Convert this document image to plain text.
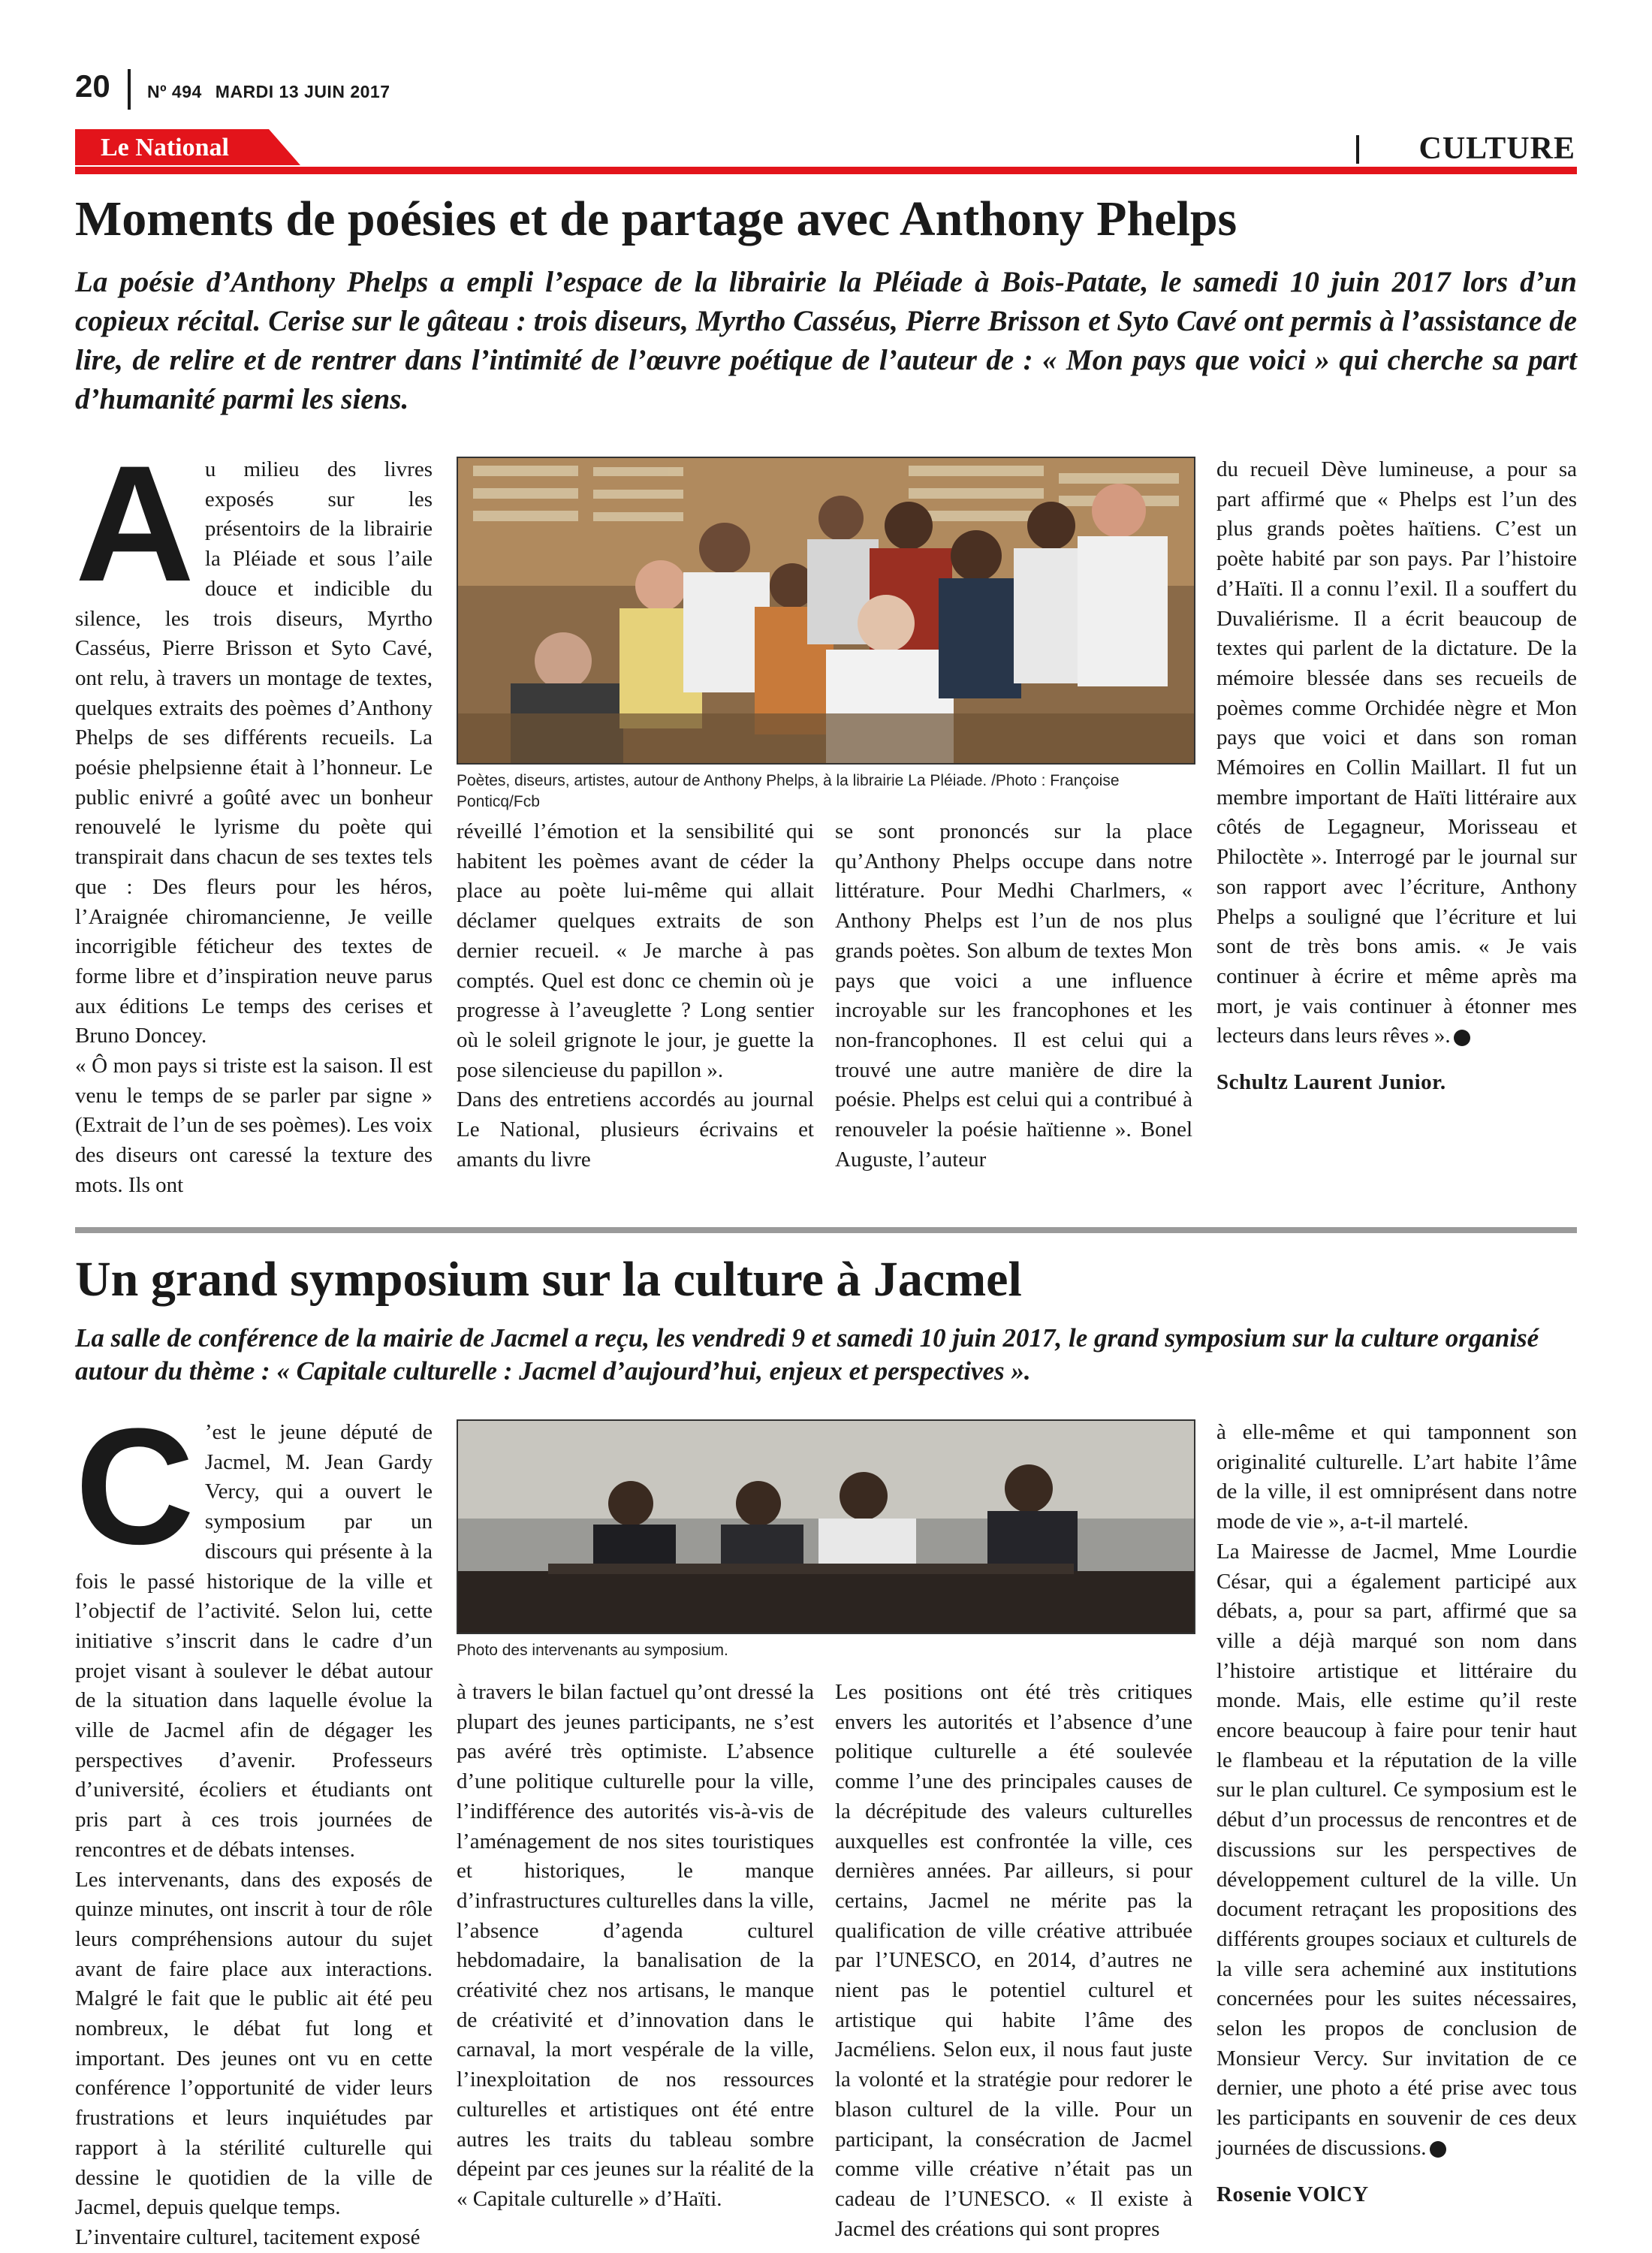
20 Nº 494 MARDI 13 JUIN 2017
Le National	CULTURE
Moments de poésies et de partage avec Anthony Phelps
La poésie d’Anthony Phelps a empli l’espace de la librairie la Pléiade à Bois-Patate, le samedi 10 juin 2017 lors d’un copieux récital. Cerise sur le gâteau : trois diseurs, Myrtho Casséus, Pierre Brisson et Syto Cavé ont permis à l’assistance de lire, de relire et de rentrer dans l’intimité de l’œuvre poétique de l’auteur de : « Mon pays que voici » qui cherche sa part d’humanité parmi les siens.

Au milieu des livres exposés sur les présentoirs de la librairie la Pléiade et sous l’aile douce et indicible du silence, les trois diseurs, Myrtho Casséus, Pierre Brisson et Syto Cavé, ont relu, à travers un montage de textes, quelques extraits des poèmes d’Anthony Phelps de ses différents recueils. La poésie phelpsienne était à l’honneur. Le public enivré a goûté avec un bonheur renouvelé le lyrisme du poète qui transpirait dans chacun de ses textes tels que : Des fleurs pour les héros, l’Araignée chiromancienne, Je veille incorrigible féticheur des textes de forme libre et d’inspiration neuve parus aux éditions Le temps des cerises et Bruno Doncey.

« Ô mon pays si triste est la saison. Il est venu le temps de se parler par signe » (Extrait de l’un de ses poèmes). Les voix des diseurs ont caressé la texture des mots. Ils ont

Poètes, diseurs, artistes, autour de Anthony Phelps, à la librairie La Pléiade. /Photo : Françoise Ponticq/Fcb

réveillé l’émotion et la sensibilité qui habitent les poèmes avant de céder la place au poète lui-même qui allait déclamer quelques extraits de son dernier recueil. « Je marche à pas comptés. Quel est donc ce chemin où je progresse à l’aveuglette ? Long sentier où le soleil grignote le jour, je guette la pose silencieuse du papillon ».

Dans des entretiens accordés au journal Le National, plusieurs écrivains et amants du livre

se sont prononcés sur la place qu’Anthony Phelps occupe dans notre littérature. Pour Medhi Charlmers, « Anthony Phelps est l’un de nos plus grands poètes. Son album de textes Mon pays que voici a une influence incroyable sur les francophones et les non-francophones. Il est celui qui a trouvé une autre manière de dire la poésie. Phelps est celui qui a contribué à renouveler la poésie haïtienne ». Bonel Auguste, l’auteur

du recueil Dève lumineuse, a pour sa part affirmé que « Phelps est l’un des plus grands poètes haïtiens. C’est un poète habité par son pays. Par l’histoire d’Haïti. Il a connu l’exil. Il a souffert du Duvaliérisme. Il a écrit beaucoup de textes qui parlent de la dictature. De la mémoire blessée dans ses recueils de poèmes comme Orchidée nègre et Mon pays que voici et dans son roman Mémoires en Collin Maillart. Il fut un membre important de Haïti littéraire aux côtés de Legagneur, Morisseau et Philoctète ». Interrogé par le journal sur son rapport avec l’écriture, Anthony Phelps a souligné que l’écriture et lui sont de très bons amis. « Je vais continuer à écrire et même après ma mort, je vais continuer à étonner mes lecteurs dans leurs rêves ».

Schultz Laurent Junior.

Un grand symposium sur la culture à Jacmel
La salle de conférence de la mairie de Jacmel a reçu, les vendredi 9 et samedi 10 juin 2017, le grand symposium sur la culture organisé autour du thème : « Capitale culturelle : Jacmel d’aujourd’hui, enjeux et perspectives ».

C ’est le jeune député de Jacmel, M. Jean Gardy Vercy, qui a ouvert le symposium par un discours qui présente à la fois le passé historique de la ville et l’objectif de l’activité. Selon lui, cette initiative s’inscrit dans le cadre d’un projet visant à soulever le débat autour de la situation dans laquelle évolue la ville de Jacmel afin de dégager les perspectives d’avenir. Professeurs d’université, écoliers et étudiants ont pris part à ces trois journées de rencontres et de débats intenses.

Les intervenants, dans des exposés de quinze minutes, ont inscrit à tour de rôle leurs compréhensions autour du sujet avant de faire place aux interactions. Malgré le fait que le public ait été peu nombreux, le débat fut long et important. Des jeunes ont vu en cette conférence l’opportunité de vider leurs frustrations et leurs inquiétudes par rapport à la stérilité culturelle qui dessine le quotidien de la ville de Jacmel, depuis quelque temps.

L’inventaire culturel, tacitement exposé

Photo des intervenants au symposium.

à travers le bilan factuel qu’ont dressé la plupart des jeunes participants, ne s’est pas avéré très optimiste. L’absence d’une politique culturelle pour la ville, l’indifférence des autorités vis-à-vis de l’aménagement de nos sites touristiques et historiques, le manque d’infrastructures culturelles dans la ville, l’absence d’agenda culturel hebdomadaire, la banalisation de la créativité chez nos artisans, le manque de créativité et d’innovation dans le carnaval, la mort vespérale de la ville, l’inexploitation de nos ressources culturelles et artistiques ont été entre autres les traits du tableau sombre dépeint par ces jeunes sur la réalité de la « Capitale culturelle » d’Haïti.

Les positions ont été très critiques envers les autorités et l’absence d’une politique culturelle a été soulevée comme l’une des principales causes de la décrépitude des valeurs culturelles auxquelles est confrontée la ville, ces dernières années. Par ailleurs, si pour certains, Jacmel ne mérite pas la qualification de ville créative attribuée par l’UNESCO, en 2014, d’autres ne nient pas le potentiel culturel et artistique qui habite l’âme des Jacméliens. Selon eux, il nous faut juste la volonté et la stratégie pour redorer le blason culturel de la ville. Pour un participant, la consécration de Jacmel comme ville créative n’était pas un cadeau de l’UNESCO. « Il existe à Jacmel des créations qui sont propres

à elle-même et qui tamponnent son originalité culturelle. L’art habite l’âme de la ville, il est omniprésent dans notre mode de vie », a-t-il martelé.

La Mairesse de Jacmel, Mme Lourdie César, qui a également participé aux débats, a, pour sa part, affirmé que sa ville a déjà marqué son nom dans l’histoire artistique et littéraire du monde. Mais, elle estime qu’il reste encore beaucoup à faire pour tenir haut le flambeau et la réputation de la ville sur le plan culturel. Ce symposium est le début d’un processus de rencontres et de discussions sur les perspectives de développement culturel de la ville. Un document retraçant les propositions des différents groupes sociaux et culturels de la ville sera acheminé aux institutions concernées pour les suites nécessaires, selon les propos de conclusion de Monsieur Vercy. Sur invitation de ce dernier, une photo a été prise avec tous les participants en souvenir de ces deux journées de discussions.

Rosenie VOlCY
